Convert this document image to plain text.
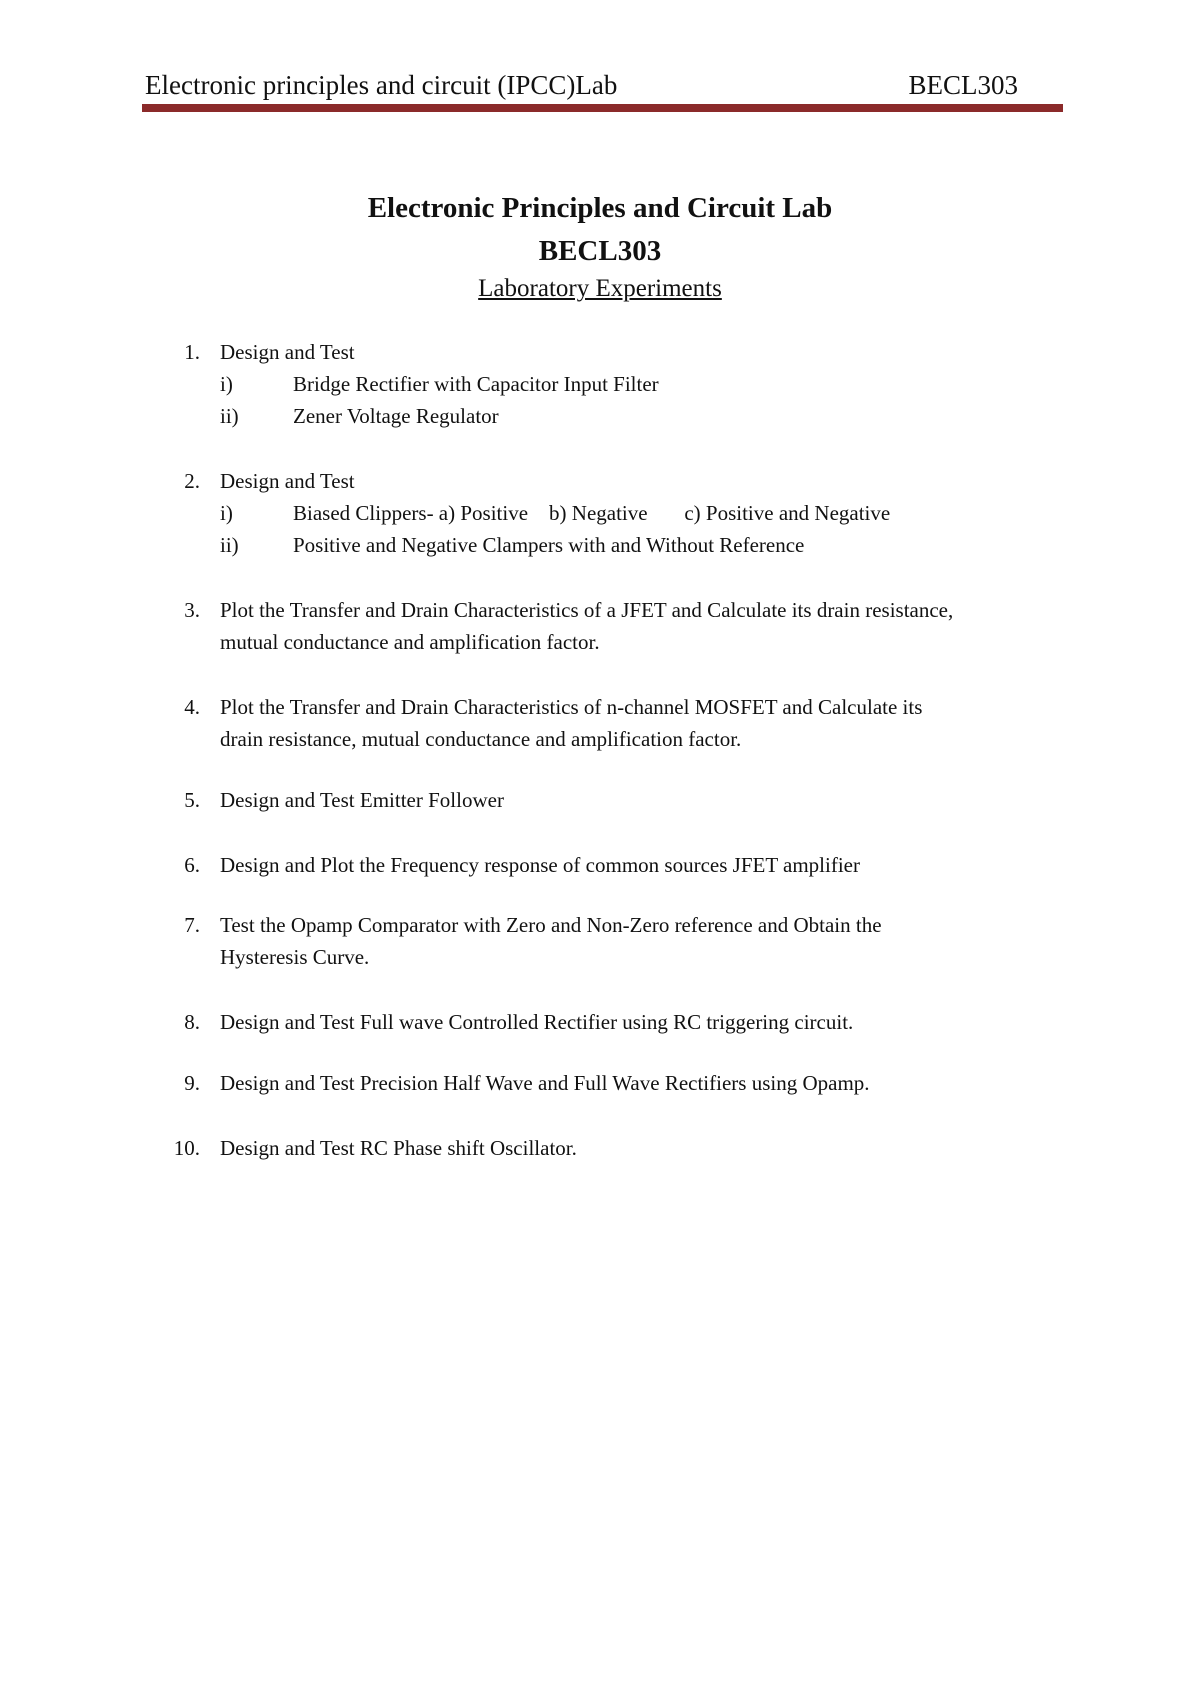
Electronic principles and circuit (IPCC)Lab	BECL303
Electronic Principles and Circuit Lab
BECL303
Laboratory Experiments
1. Design and Test
i)	Bridge Rectifier with Capacitor Input Filter
ii)	Zener Voltage Regulator
2. Design and Test
i)	Biased Clippers- a) Positive    b) Negative       c) Positive and Negative
ii)	Positive and Negative Clampers with and Without Reference
3. Plot the Transfer and Drain Characteristics of a JFET and Calculate its drain resistance,
mutual conductance and amplification factor.
4. Plot the Transfer and Drain Characteristics of n-channel MOSFET and Calculate its
drain resistance, mutual conductance and amplification factor.
5. Design and Test Emitter Follower
6. Design and Plot the Frequency response of common sources JFET amplifier
7. Test the Opamp Comparator with Zero and Non-Zero reference and Obtain the
Hysteresis Curve.
8. Design and Test Full wave Controlled Rectifier using RC triggering circuit.
9. Design and Test Precision Half Wave and Full Wave Rectifiers using Opamp.
10. Design and Test RC Phase shift Oscillator.
